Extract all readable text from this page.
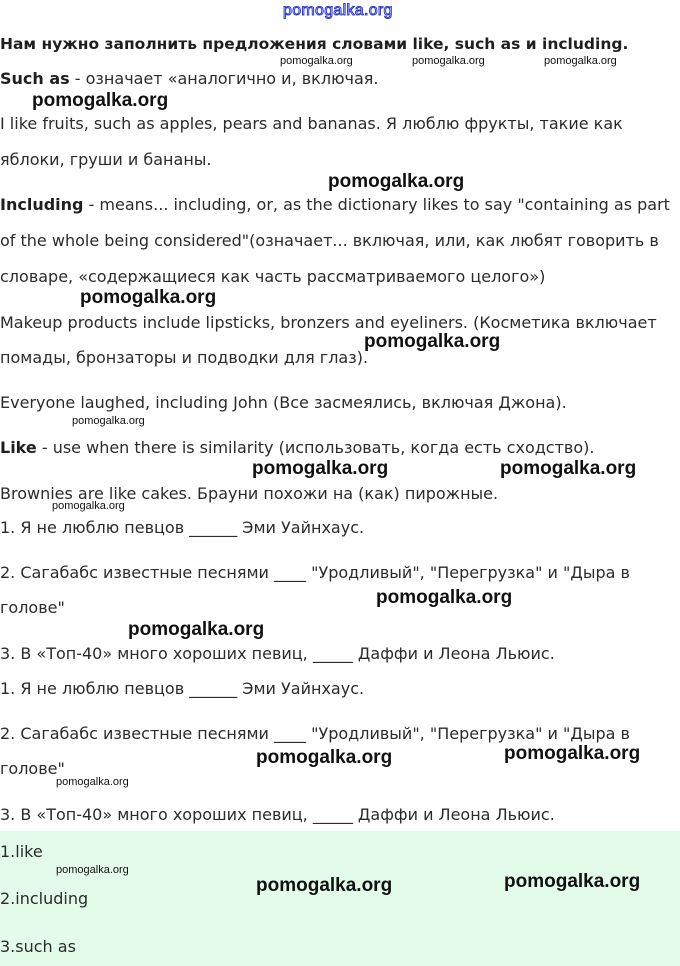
pomogalka.org
Нам нужно заполнить предложения словами like, such as и including.
Such as - означает «аналогично и, включая.
I like fruits, such as apples, pears and bananas. Я люблю фрукты, такие как
яблоки, груши и бананы.
Including - means... including, or, as the dictionary likes to say "containing as part
of the whole being considered"(означает... включая, или, как любят говорить в
словаре, «содержащиеся как часть рассматриваемого целого»)
Makeup products include lipsticks, bronzers and eyeliners. (Косметика включает
помады, бронзаторы и подводки для глаз).
Everyone laughed, including John (Все засмеялись, включая Джона).
Like - use when there is similarity (использовать, когда есть сходство).
Brownies are like cakes. Брауни похожи на (как) пирожные.
1. Я не люблю певцов ______ Эми Уайнхаус.
2. Сагабабс известные песнями ____ "Уродливый", "Перегрузка" и "Дыра в
голове"
3. В «Топ-40» много хороших певиц, _____ Даффи и Леона Льюис.
1. Я не люблю певцов ______ Эми Уайнхаус.
2. Сагабабс известные песнями ____ "Уродливый", "Перегрузка" и "Дыра в
голове"
3. В «Топ-40» много хороших певиц, _____ Даффи и Леона Льюис.
1.like
2.including
3.such as
pomogalka.org	pomogalka.org	pomogalka.org
pomogalka.org
pomogalka.org
pomogalka.org
pomogalka.org
pomogalka.org
pomogalka.org	pomogalka.org
pomogalka.org
pomogalka.org
pomogalka.org
pomogalka.org	pomogalka.org
pomogalka.org
pomogalka.org
pomogalka.org	pomogalka.org
